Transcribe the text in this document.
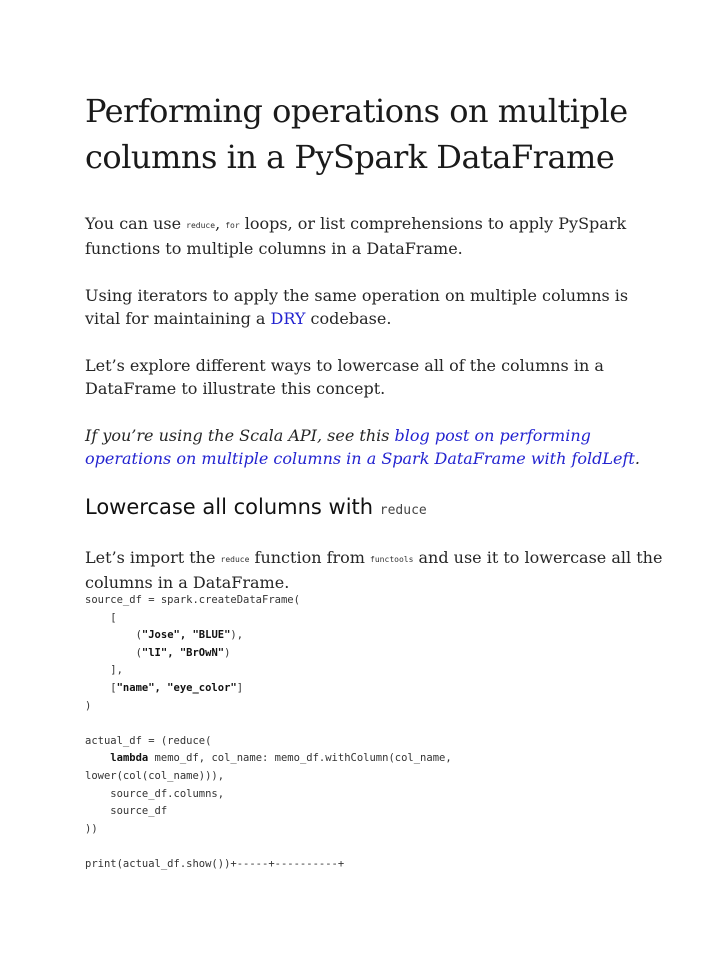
Performing operations on multiple
columns in a PySpark DataFrame

You can use reduce, for loops, or list comprehensions to apply PySpark functions to multiple columns in a DataFrame.

Using iterators to apply the same operation on multiple columns is vital for maintaining a DRY codebase.

Let’s explore different ways to lowercase all of the columns in a DataFrame to illustrate this concept.

If you’re using the Scala API, see this blog post on performing operations on multiple columns in a Spark DataFrame with foldLeft.

Lowercase all columns with reduce

Let’s import the reduce function from functools and use it to lowercase all the columns in a DataFrame.

source_df = spark.createDataFrame(
[
("Jose", "BLUE"),
("lI", "BrOwN")
],
["name", "eye_color"]
)

actual_df = (reduce(
lambda memo_df, col_name: memo_df.withColumn(col_name,
lower(col(col_name))),
source_df.columns,
source_df
))

print(actual_df.show())+-----+----------+
